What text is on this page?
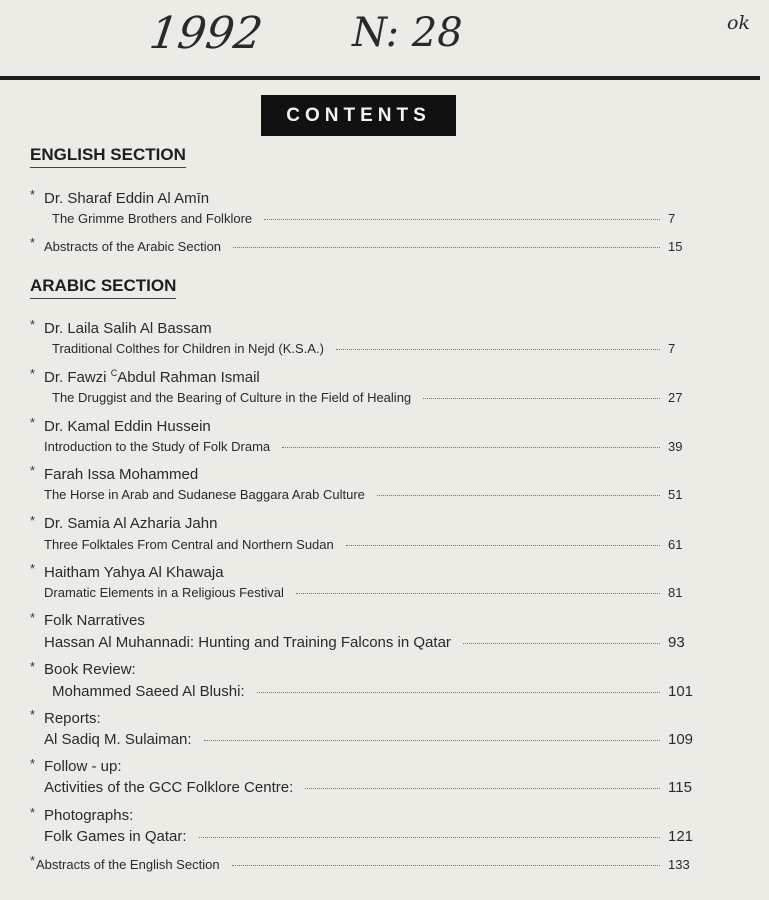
1992 N: 28	ok
CONTENTS
ENGLISH SECTION
* Dr. Sharaf Eddin Al Amīn
The Grimme Brothers and Folklore	7
* Abstracts of the Arabic Section	15
ARABIC SECTION
* Dr. Laila Salih Al Bassam
Traditional Colthes for Children in Nejd (K.S.A.)	7
* Dr. Fawzi $^C$Abdul Rahman Ismail
The Druggist and the Bearing of Culture in the Field of Healing	27
* Dr. Kamal Eddin Hussein
Introduction to the Study of Folk Drama	39
* Farah Issa Mohammed
The Horse in Arab and Sudanese Baggara Arab Culture	51
* Dr. Samia Al Azharia Jahn
Three Folktales From Central and Northern Sudan	61
* Haitham Yahya Al Khawaja
Dramatic Elements in a Religious Festival	81
* Folk Narratives
Hassan Al Muhannadi: Hunting and Training Falcons in Qatar	93
* Book Review:
Mohammed Saeed Al Blushi:	101
* Reports:
Al Sadiq M. Sulaiman:	109
* Follow - up:
Activities of the GCC Folklore Centre:	115
* Photographs:
Folk Games in Qatar:	121
* Abstracts of the English Section	133
